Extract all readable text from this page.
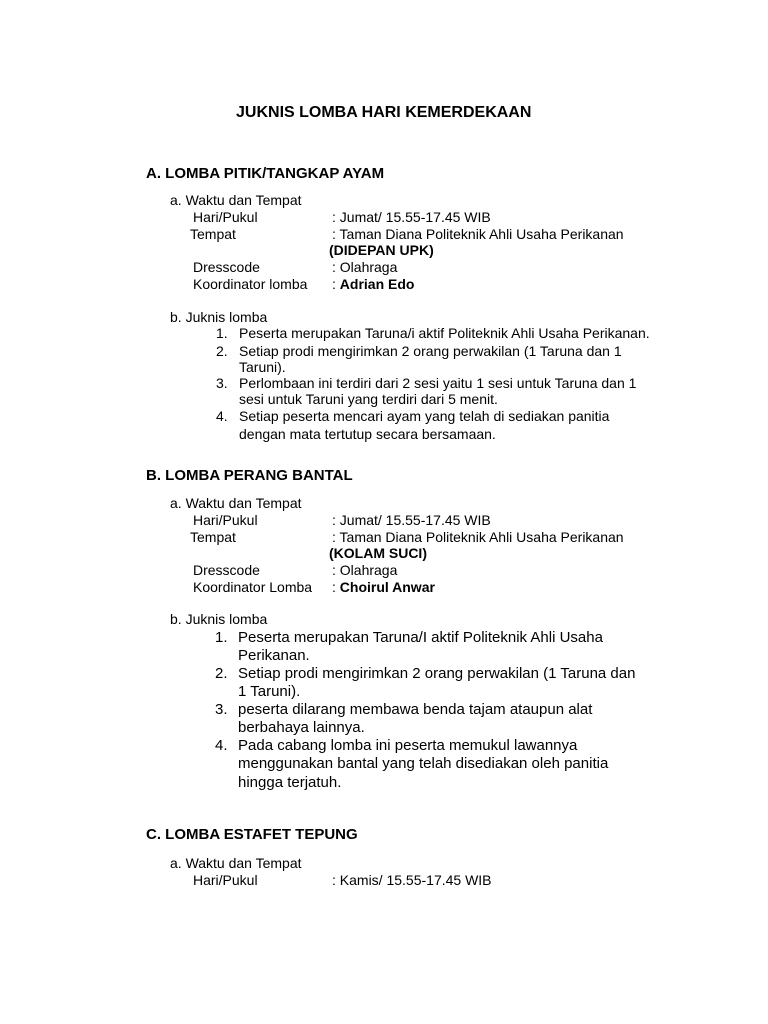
JUKNIS LOMBA HARI KEMERDEKAAN
A. LOMBA PITIK/TANGKAP AYAM
a. Waktu dan Tempat
Hari/Pukul	: Jumat/ 15.55-17.45 WIB
Tempat	: Taman Diana Politeknik Ahli Usaha Perikanan
(DIDEPAN UPK)
Dresscode	: Olahraga
Koordinator lomba : Adrian Edo
b. Juknis lomba
1. Peserta merupakan Taruna/i aktif Politeknik Ahli Usaha Perikanan.
2. Setiap prodi mengirimkan 2 orang perwakilan (1 Taruna dan 1
Taruni).
3. Perlombaan ini terdiri dari 2 sesi yaitu 1 sesi untuk Taruna dan 1
sesi untuk Taruni yang terdiri dari 5 menit.
4. Setiap peserta mencari ayam yang telah di sediakan panitia
dengan mata tertutup secara bersamaan.
B. LOMBA PERANG BANTAL
a. Waktu dan Tempat
Hari/Pukul	: Jumat/ 15.55-17.45 WIB
Tempat	: Taman Diana Politeknik Ahli Usaha Perikanan
(KOLAM SUCI)
Dresscode	: Olahraga
Koordinator Lomba : Choirul Anwar
b. Juknis lomba
1. Peserta merupakan Taruna/I aktif Politeknik Ahli Usaha
Perikanan.
2. Setiap prodi mengirimkan 2 orang perwakilan (1 Taruna dan
1 Taruni).
3. peserta dilarang membawa benda tajam ataupun alat
berbahaya lainnya.
4. Pada cabang lomba ini peserta memukul lawannya
menggunakan bantal yang telah disediakan oleh panitia
hingga terjatuh.
C. LOMBA ESTAFET TEPUNG
a. Waktu dan Tempat
Hari/Pukul	: Kamis/ 15.55-17.45 WIB
